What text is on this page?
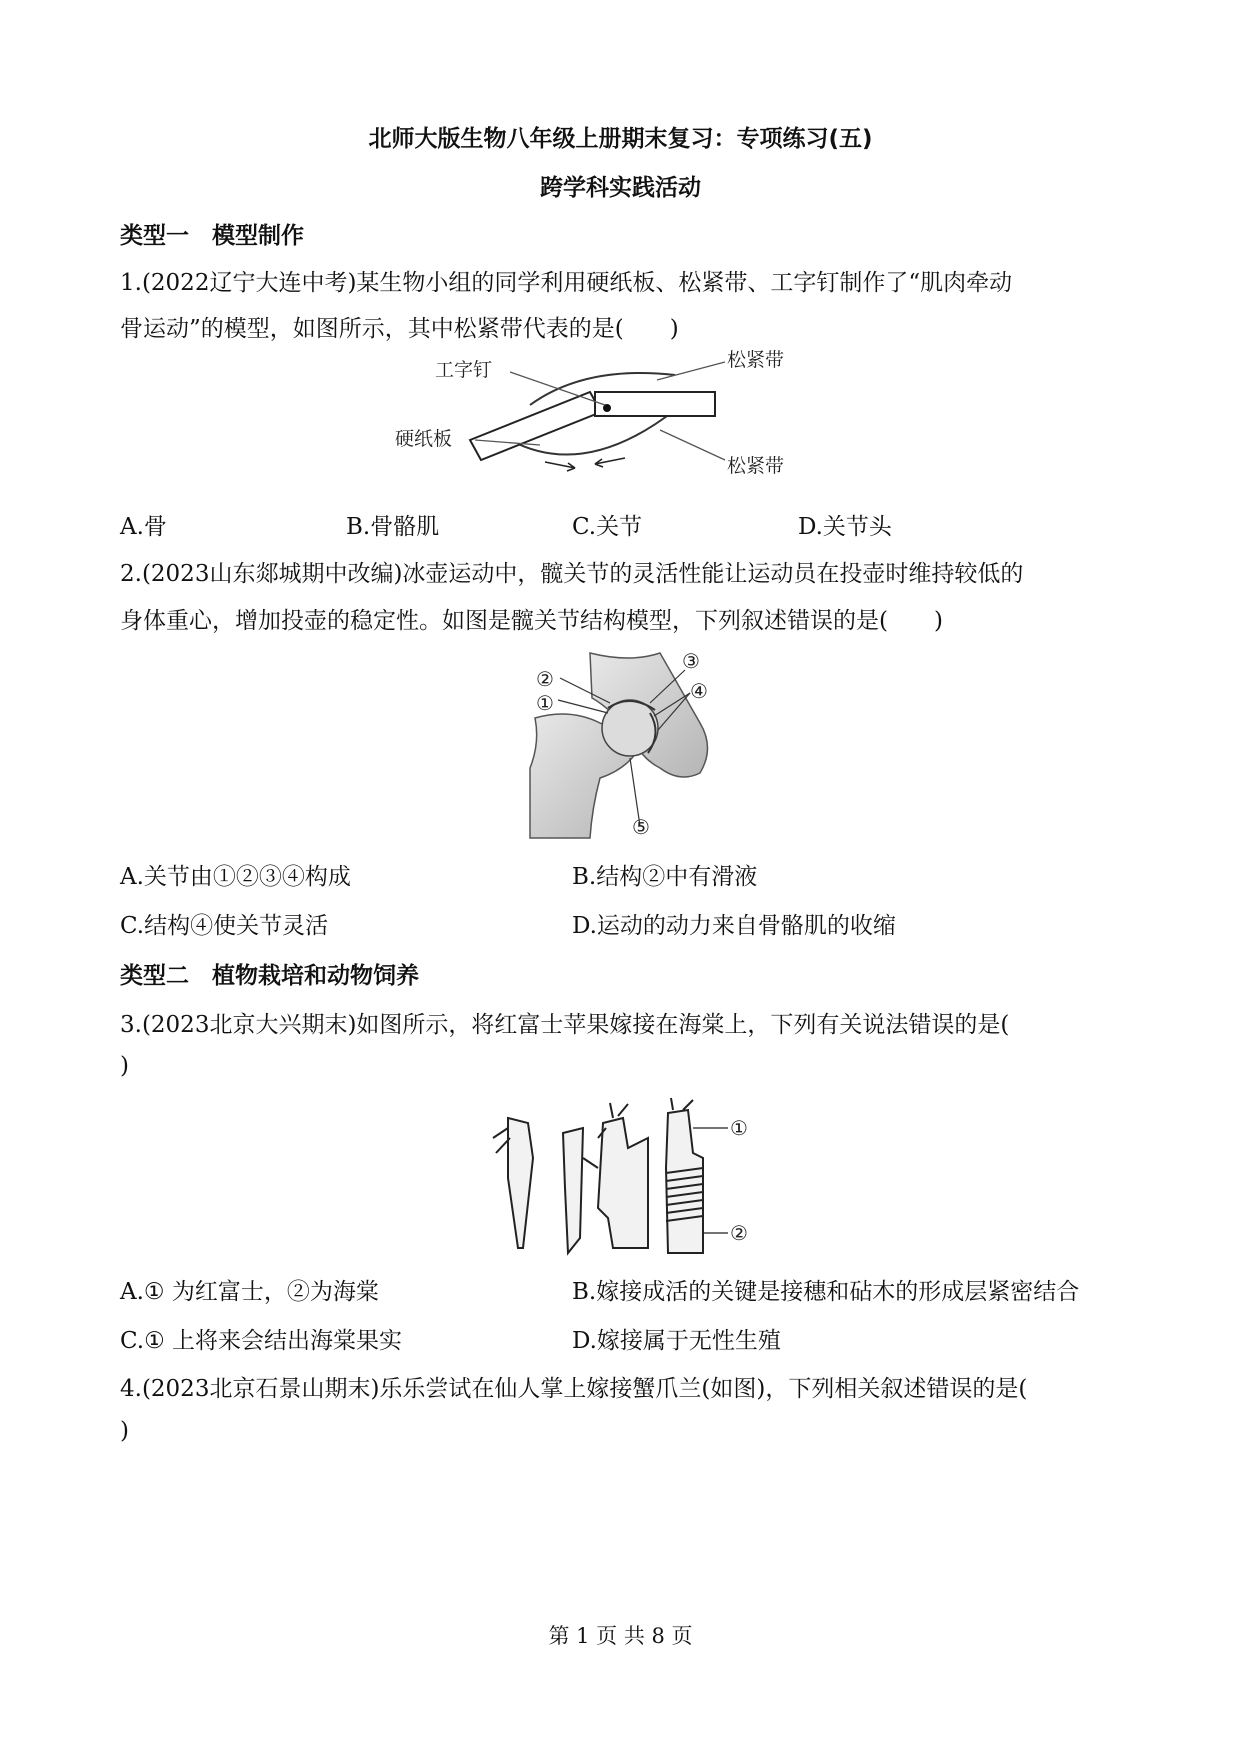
北师大版生物八年级上册期末复习：专项练习(五)
跨学科实践活动
类型一　模型制作
1.(2022辽宁大连中考)某生物小组的同学利用硬纸板、松紧带、工字钉制作了“肌肉牵动
骨运动”的模型，如图所示，其中松紧带代表的是(　　)
工字钉	松紧带
硬纸板
松紧带
A.骨	B.骨骼肌	C.关节	D.关节头
2.(2023山东郯城期中改编)冰壶运动中，髋关节的灵活性能让运动员在投壶时维持较低的
身体重心，增加投壶的稳定性。如图是髋关节结构模型，下列叙述错误的是(　　)
②
①
③
④
⑤
A.关节由①②③④构成	B.结构②中有滑液
C.结构④使关节灵活	D.运动的动力来自骨骼肌的收缩
类型二　植物栽培和动物饲养
3.(2023北京大兴期末)如图所示，将红富士苹果嫁接在海棠上，下列有关说法错误的是(
)
①
②
A.① 为红富士，②为海棠	B.嫁接成活的关键是接穗和砧木的形成层紧密结合
C.① 上将来会结出海棠果实	D.嫁接属于无性生殖
4.(2023北京石景山期末)乐乐尝试在仙人掌上嫁接蟹爪兰(如图)，下列相关叙述错误的是(
)
第 1 页 共 8 页
